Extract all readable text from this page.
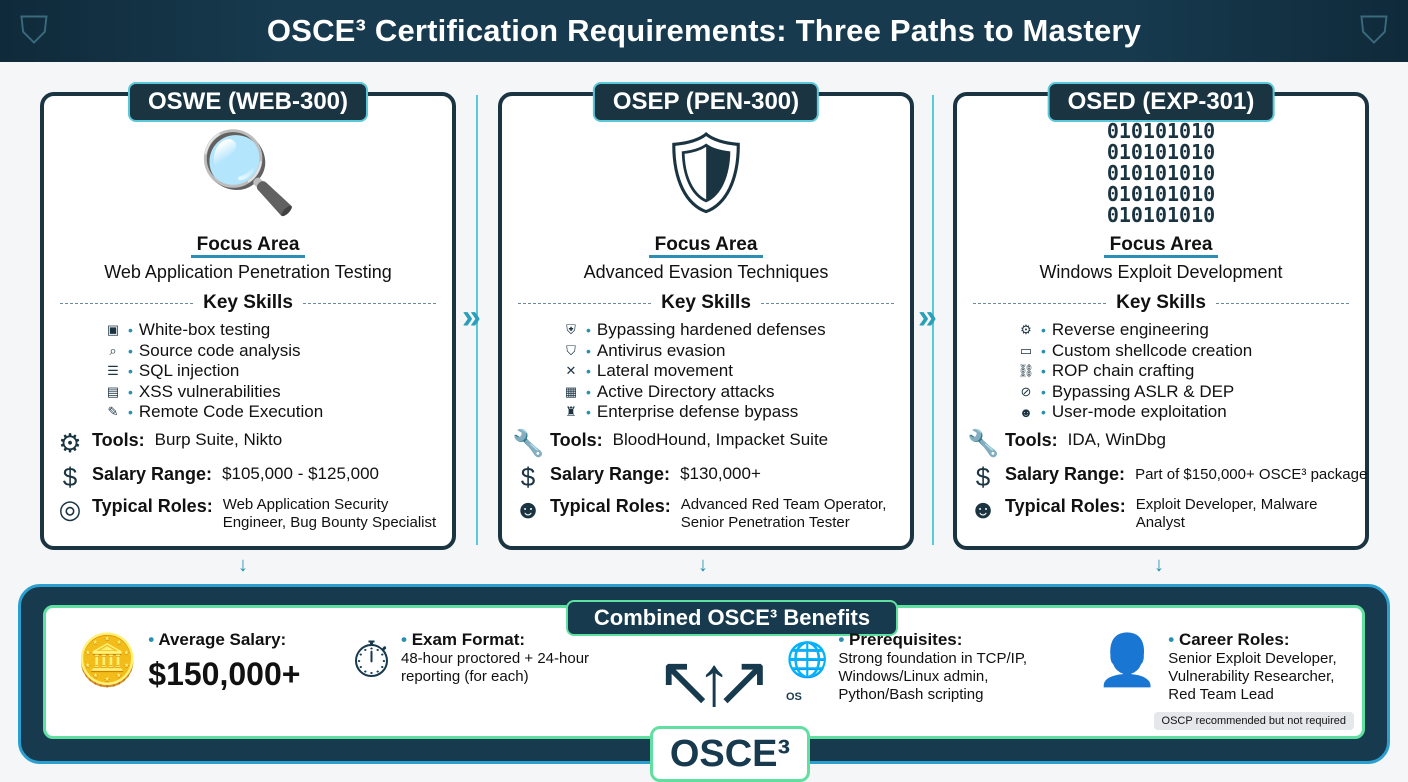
⛉	OSCE³ Certification Requirements: Three Paths to Mastery	⛉
OSWE (WEB-300)
🔍
Focus Area
Web Application Penetration Testing
Key Skills
▣ • White-box testing
⌕ • Source code analysis
☰ • SQL injection
▤ • XSS vulnerabilities
✎ • Remote Code Execution
⚙ Tools: Burp Suite, Nikto
$ Salary Range: $105,000 - $125,000
◎ Typical Roles: Web Application Security Engineer, Bug Bounty Specialist
OSEP (PEN-300)
🛡
Focus Area
Advanced Evasion Techniques
Key Skills
⛨ • Bypassing hardened defenses
⛉ • Antivirus evasion
✕ • Lateral movement
▦ • Active Directory attacks
♜ • Enterprise defense bypass
🔧 Tools: BloodHound, Impacket Suite
$ Salary Range: $130,000+
☻ Typical Roles: Advanced Red Team Operator, Senior Penetration Tester
OSED (EXP-301)
010101010
010101010
010101010
010101010
010101010
Focus Area
Windows Exploit Development
Key Skills
⚙ • Reverse engineering
▭ • Custom shellcode creation
⛓ • ROP chain crafting
⊘ • Bypassing ASLR & DEP
☻ • User-mode exploitation
🔧 Tools: IDA, WinDbg
$ Salary Range: Part of $150,000+ OSCE³ package
☻ Typical Roles: Exploit Developer, Malware Analyst
»	»
↓	↓	↓
🪙	• Average Salary:
$150,000+ ⏱	• Exam Format:
48-hour proctored + 24-hour reporting (for each)	↖↑↗
Combined OSCE³ Benefits
🌐
OS
• Prerequisites:
Strong foundation in TCP/IP, Windows/Linux admin, Python/Bash scripting
👤	• Career Roles:
Senior Exploit Developer, Vulnerability Researcher, Red Team Lead
OSCE³
OSCP recommended but not required
